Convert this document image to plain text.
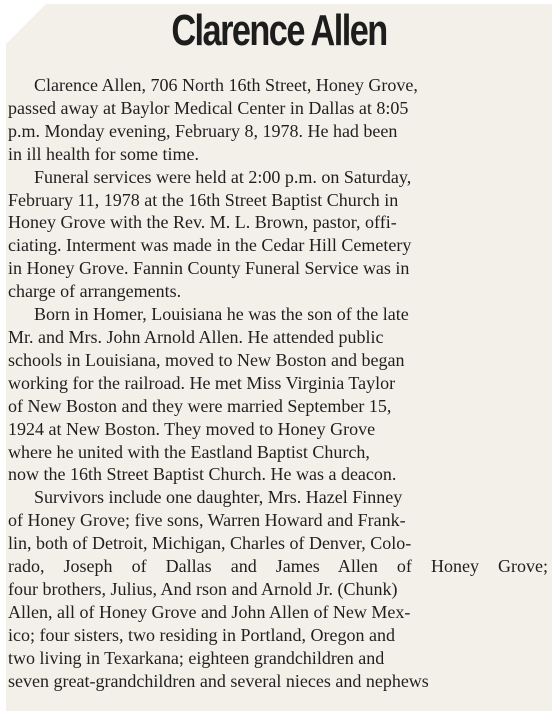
Clarence Allen
Clarence Allen, 706 North 16th Street, Honey Grove,
passed away at Baylor Medical Center in Dallas at 8:05
p.m. Monday evening, February 8, 1978. He had been
in ill health for some time.
Funeral services were held at 2:00 p.m. on Saturday,
February 11, 1978 at the 16th Street Baptist Church in
Honey Grove with the Rev. M. L. Brown, pastor, offi-
ciating. Interment was made in the Cedar Hill Cemetery
in Honey Grove. Fannin County Funeral Service was in
charge of arrangements.
Born in Homer, Louisiana he was the son of the late
Mr. and Mrs. John Arnold Allen. He attended public
schools in Louisiana, moved to New Boston and began
working for the railroad. He met Miss Virginia Taylor
of New Boston and they were married September 15,
1924 at New Boston. They moved to Honey Grove
where he united with the Eastland Baptist Church,
now the 16th Street Baptist Church. He was a deacon.
Survivors include one daughter, Mrs. Hazel Finney
of Honey Grove; five sons, Warren Howard and Frank-
lin, both of Detroit, Michigan, Charles of Denver, Colo-
rado, Joseph of Dallas and James Allen of Honey Grove;
four brothers, Julius, And rson and Arnold Jr. (Chunk)
Allen, all of Honey Grove and John Allen of New Mex-
ico; four sisters, two residing in Portland, Oregon and
two living in Texarkana; eighteen grandchildren and
seven great-grandchildren and several nieces and nephews
